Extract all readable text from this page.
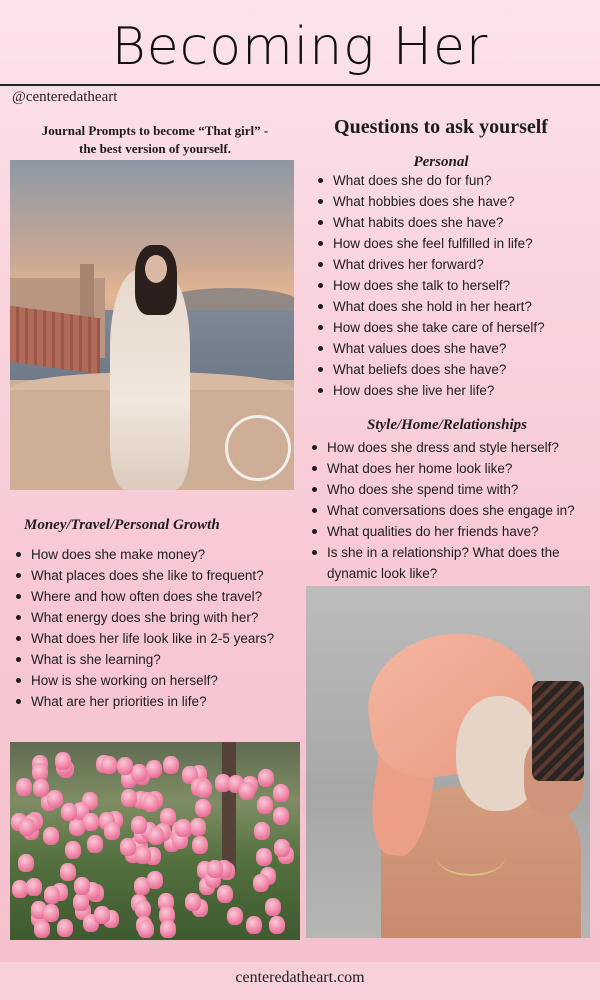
Becoming Her
@centeredatheart
Journal Prompts to become “That girl” -
the best version of yourself.
Questions to ask yourself
Personal
What does she do for fun?
What hobbies does she have?
What habits does she have?
How does she feel fulfilled in life?
What drives her forward?
How does she talk to herself?
What does she hold in her heart?
How does she take care of herself?
What values does she have?
What beliefs does she have?
How does she live her life?
Style/Home/Relationships
How does she dress and style herself?
What does her home look like?
Who does she spend time with?
What conversations does she engage in?
What qualities do her friends have?
Is she in a relationship? What does the dynamic look like?
Money/Travel/Personal Growth
How does she make money?
What places does she like to frequent?
Where and how often does she travel?
What energy does she bring with her?
What does her life look like in 2-5 years?
What is she learning?
How is she working on herself?
What are her priorities in life?
centeredatheart.com
